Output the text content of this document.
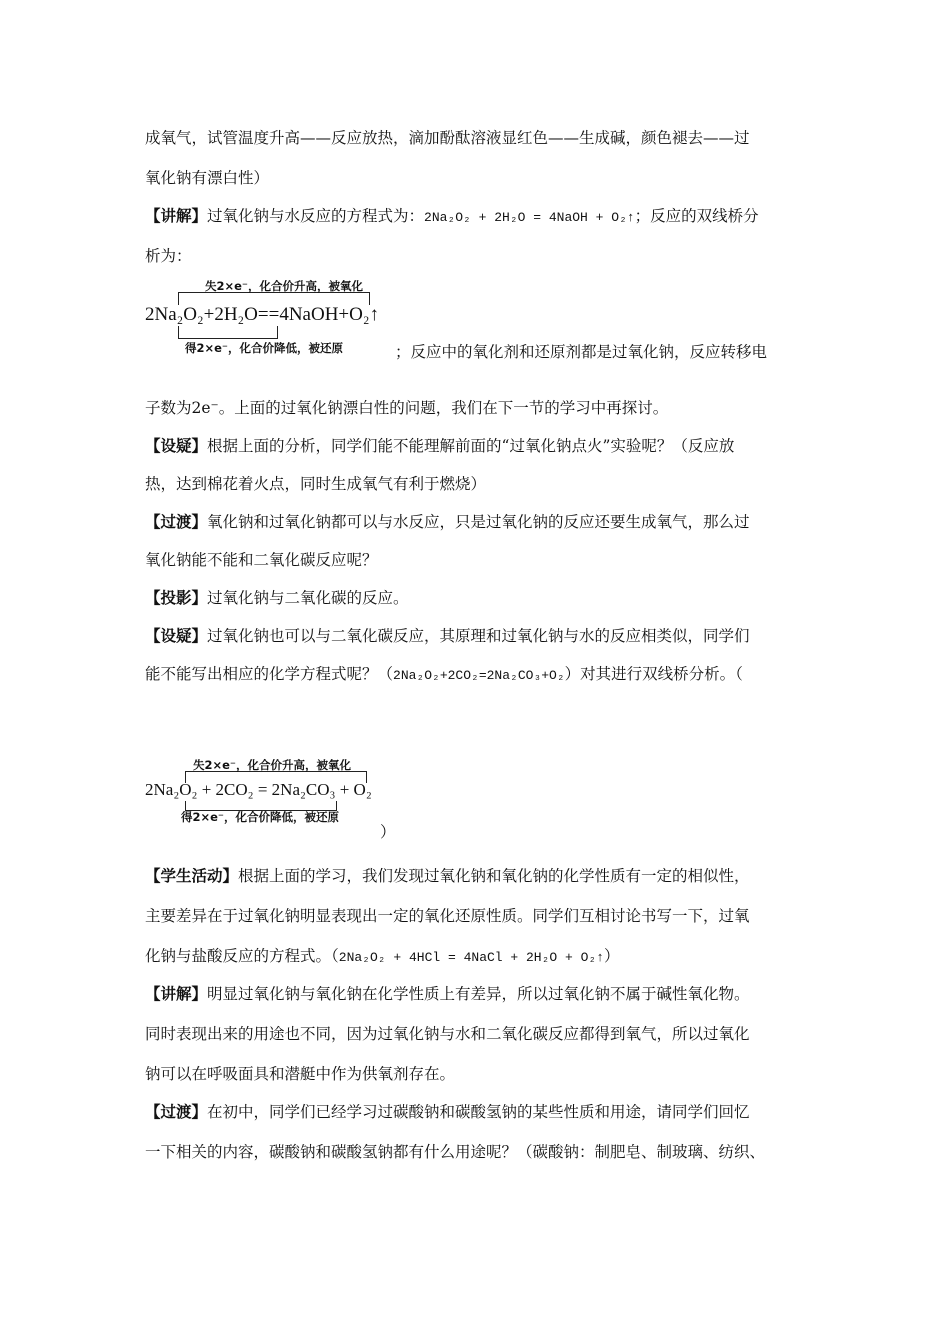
成氧气，试管温度升高——反应放热，滴加酚酞溶液显红色——生成碱，颜色褪去——过
氧化钠有漂白性）
【讲解】过氧化钠与水反应的方程式为：2Na₂O₂ + 2H₂O = 4NaOH + O₂↑；反应的双线桥分
析为：
失2×e⁻，化合价升高，被氧化
2Na₂O₂+2H₂O==4NaOH+O₂↑
得2×e⁻，化合价降低，被还原	；反应中的氧化剂和还原剂都是过氧化钠，反应转移电
子数为2e⁻。上面的过氧化钠漂白性的问题，我们在下一节的学习中再探讨。
【设疑】根据上面的分析，同学们能不能理解前面的“过氧化钠点火”实验呢？（反应放
热，达到棉花着火点，同时生成氧气有利于燃烧）
【过渡】氧化钠和过氧化钠都可以与水反应，只是过氧化钠的反应还要生成氧气，那么过
氧化钠能不能和二氧化碳反应呢？
【投影】过氧化钠与二氧化碳的反应。
【设疑】过氧化钠也可以与二氧化碳反应，其原理和过氧化钠与水的反应相类似，同学们
能不能写出相应的化学方程式呢？（2Na₂O₂+2CO₂=2Na₂CO₃+O₂）对其进行双线桥分析。（
失2×e⁻，化合价升高，被氧化
2Na₂O₂ + 2CO₂ = 2Na₂CO₃ + O₂
得2×e⁻，化合价降低，被还原
）
【学生活动】根据上面的学习，我们发现过氧化钠和氧化钠的化学性质有一定的相似性，
主要差异在于过氧化钠明显表现出一定的氧化还原性质。同学们互相讨论书写一下，过氧
化钠与盐酸反应的方程式。（2Na₂O₂ + 4HCl = 4NaCl + 2H₂O + O₂↑）
【讲解】明显过氧化钠与氧化钠在化学性质上有差异，所以过氧化钠不属于碱性氧化物。
同时表现出来的用途也不同，因为过氧化钠与水和二氧化碳反应都得到氧气，所以过氧化
钠可以在呼吸面具和潜艇中作为供氧剂存在。
【过渡】在初中，同学们已经学习过碳酸钠和碳酸氢钠的某些性质和用途，请同学们回忆
一下相关的内容，碳酸钠和碳酸氢钠都有什么用途呢？（碳酸钠：制肥皂、制玻璃、纺织、
